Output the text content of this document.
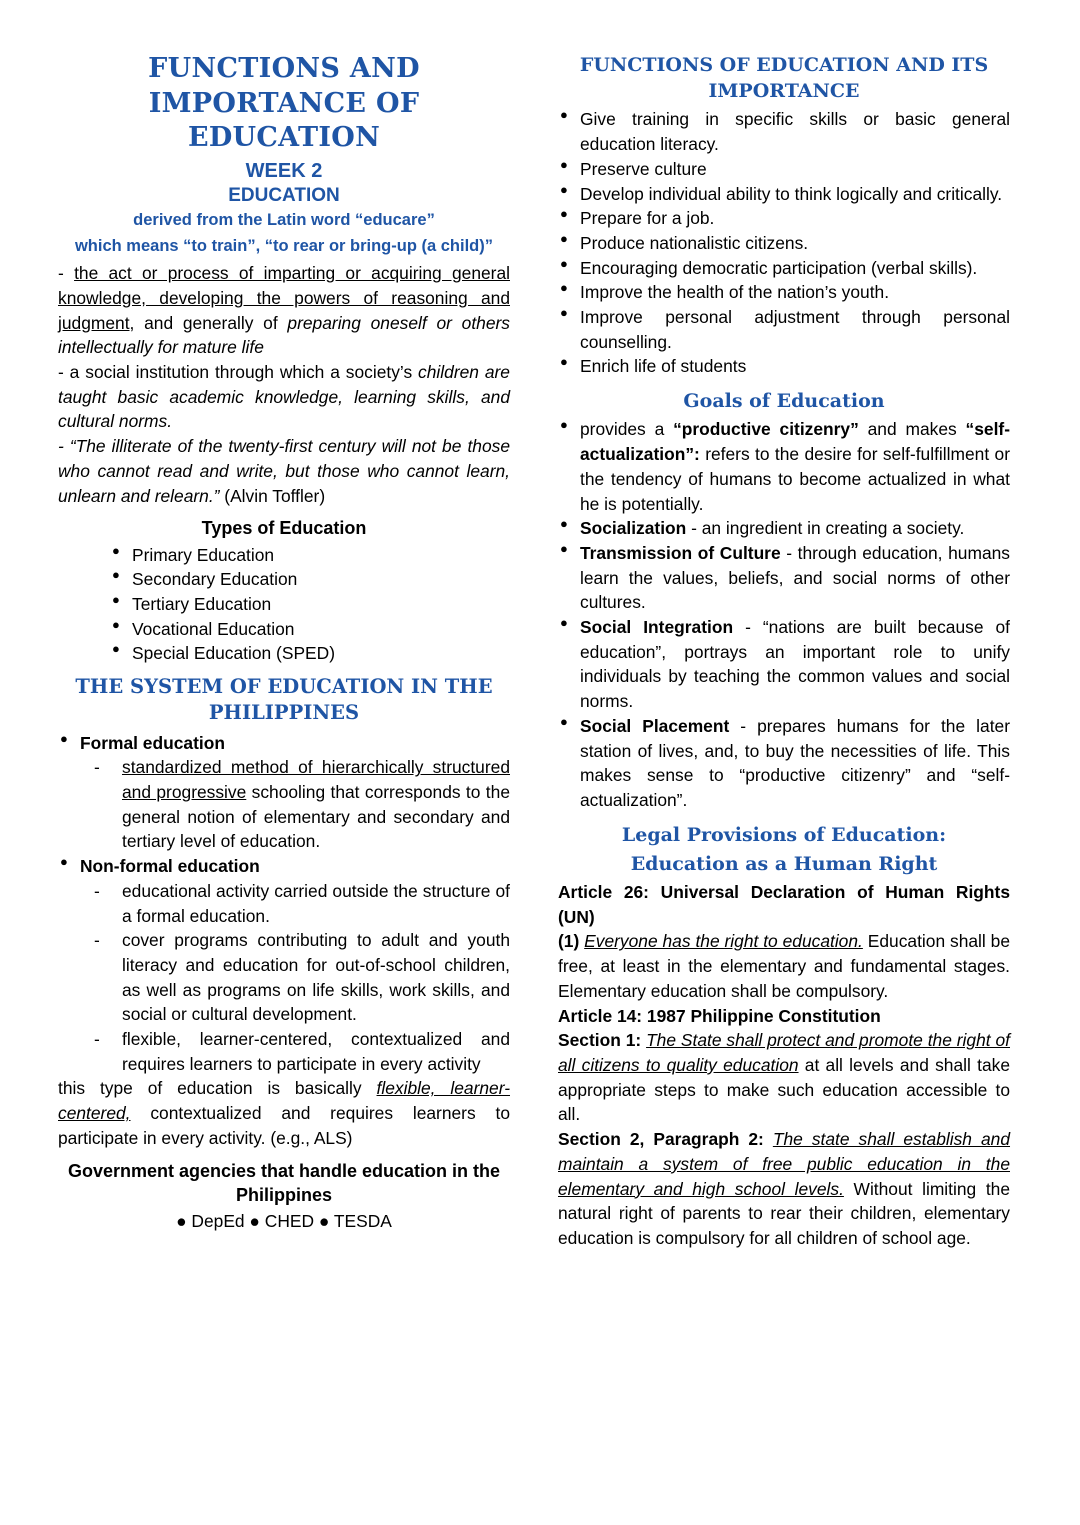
FUNCTIONS AND IMPORTANCE OF EDUCATION
WEEK 2
EDUCATION
derived from the Latin word “educare”
which means “to train”, “to rear or bring-up (a child)”

- the act or process of imparting or acquiring general knowledge, developing the powers of reasoning and judgment, and generally of preparing oneself or others intellectually for mature life

- a social institution through which a society’s children are taught basic academic knowledge, learning skills, and cultural norms.

- “The illiterate of the twenty-first century will not be those who cannot read and write, but those who cannot learn, unlearn and relearn.” (Alvin Toffler)

Types of Education
● Primary Education
● Secondary Education
● Tertiary Education
● Vocational Education
● Special Education (SPED)
THE SYSTEM OF EDUCATION IN THE PHILIPPINES
● Formal education
- standardized method of hierarchically structured and progressive schooling that corresponds to the general notion of elementary and secondary and tertiary level of education.
● Non-formal education
- educational activity carried outside the structure of a formal education.
- cover programs contributing to adult and youth literacy and education for out-of-school children, as well as programs on life skills, work skills, and social or cultural development.
- flexible, learner-centered, contextualized and requires learners to participate in every activity

this type of education is basically flexible, learner-centered, contextualized and requires learners to participate in every activity. (e.g., ALS)

Government agencies that handle education in the Philippines
● DepEd ● CHED ● TESDA
FUNCTIONS OF EDUCATION AND ITS IMPORTANCE
● Give training in specific skills or basic general education literacy.
● Preserve culture
● Develop individual ability to think logically and critically.
● Prepare for a job.
● Produce nationalistic citizens.
● Encouraging democratic participation (verbal skills).
● Improve the health of the nation’s youth.
● Improve personal adjustment through personal counselling.
● Enrich life of students
Goals of Education
● provides a “productive citizenry” and makes “self-actualization”: refers to the desire for self-fulfillment or the tendency of humans to become actualized in what he is potentially.
● Socialization - an ingredient in creating a society.
● Transmission of Culture - through education, humans learn the values, beliefs, and social norms of other cultures.
● Social Integration - “nations are built because of education”, portrays an important role to unify individuals by teaching the common values and social norms.
● Social Placement - prepares humans for the later station of lives, and, to buy the necessities of life. This makes sense to “productive citizenry” and “self-actualization”.
Legal Provisions of Education:
Education as a Human Right

Article 26: Universal Declaration of Human Rights (UN)

(1) Everyone has the right to education. Education shall be free, at least in the elementary and fundamental stages. Elementary education shall be compulsory.

Article 14: 1987 Philippine Constitution

Section 1: The State shall protect and promote the right of all citizens to quality education at all levels and shall take appropriate steps to make such education accessible to all.

Section 2, Paragraph 2: The state shall establish and maintain a system of free public education in the elementary and high school levels. Without limiting the natural right of parents to rear their children, elementary education is compulsory for all children of school age.
